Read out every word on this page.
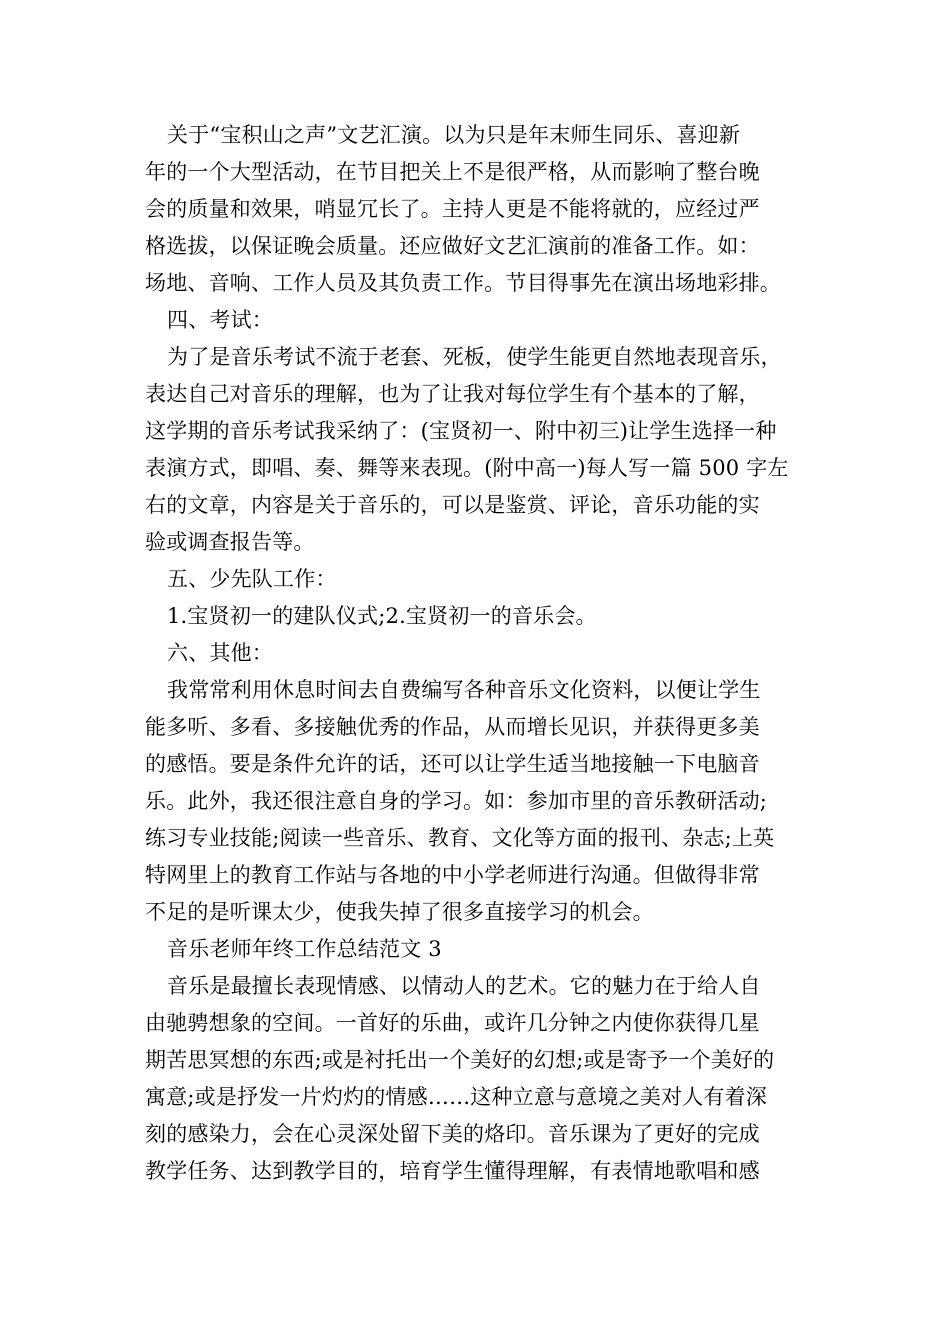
关于“宝积山之声”文艺汇演。以为只是年末师生同乐、喜迎新
年的一个大型活动，在节目把关上不是很严格，从而影响了整台晚
会的质量和效果，哨显冗长了。主持人更是不能将就的，应经过严
格选拔，以保证晚会质量。还应做好文艺汇演前的准备工作。如：
场地、音响、工作人员及其负责工作。节目得事先在演出场地彩排。
四、考试：
为了是音乐考试不流于老套、死板，使学生能更自然地表现音乐，
表达自己对音乐的理解，也为了让我对每位学生有个基本的了解，
这学期的音乐考试我采纳了：(宝贤初一、附中初三)让学生选择一种
表演方式，即唱、奏、舞等来表现。(附中高一)每人写一篇 500 字左
右的文章，内容是关于音乐的，可以是鉴赏、评论，音乐功能的实
验或调查报告等。
五、少先队工作：
1.宝贤初一的建队仪式;2.宝贤初一的音乐会。
六、其他：
我常常利用休息时间去自费编写各种音乐文化资料，以便让学生
能多听、多看、多接触优秀的作品，从而增长见识，并获得更多美
的感悟。要是条件允许的话，还可以让学生适当地接触一下电脑音
乐。此外，我还很注意自身的学习。如：参加市里的音乐教研活动;
练习专业技能;阅读一些音乐、教育、文化等方面的报刊、杂志;上英
特网里上的教育工作站与各地的中小学老师进行沟通。但做得非常
不足的是听课太少，使我失掉了很多直接学习的机会。
音乐老师年终工作总结范文 3
音乐是最擅长表现情感、以情动人的艺术。它的魅力在于给人自
由驰骋想象的空间。一首好的乐曲，或许几分钟之内使你获得几星
期苦思冥想的东西;或是衬托出一个美好的幻想;或是寄予一个美好的
寓意;或是抒发一片灼灼的情感……这种立意与意境之美对人有着深
刻的感染力，会在心灵深处留下美的烙印。音乐课为了更好的完成
教学任务、达到教学目的，培育学生懂得理解，有表情地歌唱和感
